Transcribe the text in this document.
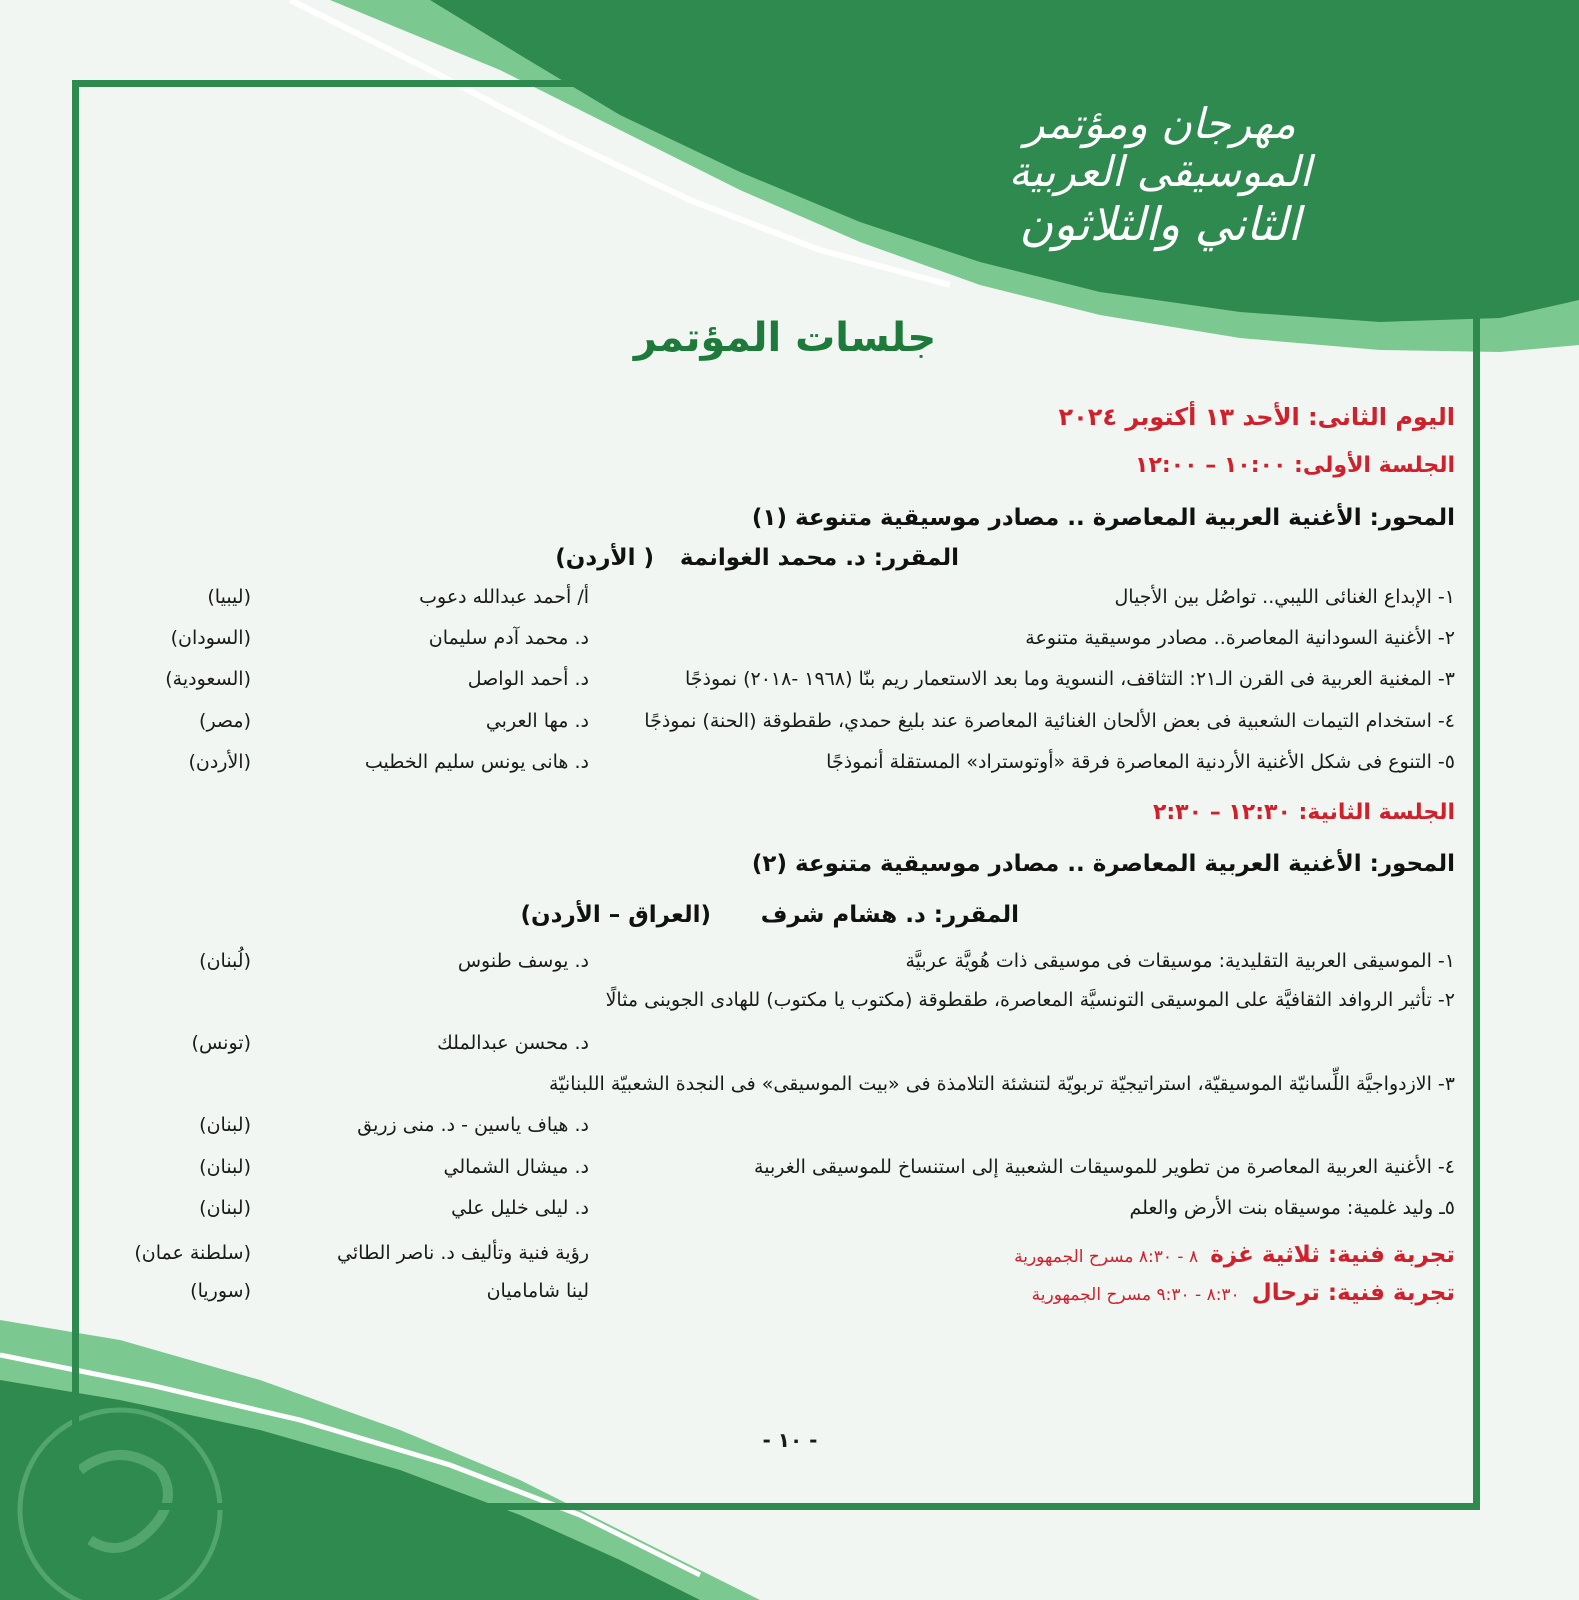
مهرجان ومؤتمر الموسيقى العربية
الثاني والثلاثون
جلسات المؤتمر
اليوم الثانى: الأحد ١٣ أكتوبر ٢٠٢٤
الجلسة الأولى: ١٠:٠٠ – ١٢:٠٠
المحور: الأغنية العربية المعاصرة .. مصادر موسيقية متنوعة (١)
المقرر: د. محمد الغوانمة
( الأردن)
١- الإبداع الغنائى الليبي.. تواصُل بين الأجيال
أ/ أحمد عبدالله دعوب
(ليبيا)
٢- الأغنية السودانية المعاصرة.. مصادر موسيقية متنوعة
د. محمد آدم سليمان
(السودان)
٣- المغنية العربية فى القرن الـ٢١: التثاقف، النسوية وما بعد الاستعمار ريم بنّا (١٩٦٨ -٢٠١٨) نموذجًا
د. أحمد الواصل
(السعودية)
٤- استخدام التيمات الشعبية فى بعض الألحان الغنائية المعاصرة عند بليغ حمدي، طقطوقة (الحنة) نموذجًا
د. مها العربي
(مصر)
٥- التنوع فى شكل الأغنية الأردنية المعاصرة فرقة «أوتوستراد» المستقلة أنموذجًا
د. هانى يونس سليم الخطيب
(الأردن)
الجلسة الثانية: ١٢:٣٠ – ٢:٣٠
المحور: الأغنية العربية المعاصرة .. مصادر موسيقية متنوعة (٢)
المقرر: د. هشام شرف
(العراق – الأردن)
١- الموسيقى العربية التقليدية: موسيقات فى موسيقى ذات هُويَّة عربيَّة
د. يوسف طنوس
(لُبنان)
٢- تأثير الروافد الثقافيَّة على الموسيقى التونسيَّة المعاصرة، طقطوقة (مكتوب يا مكتوب) للهادى الجوينى مثالًا
د. محسن عبدالملك
(تونس)
٣- الازدواجيَّة اللِّسانيّة الموسيقيّة، استراتيجيّة تربويّة لتنشئة التلامذة فى «بيت الموسيقى» فى النجدة الشعبيّة اللبنانيّة
د. هياف ياسين - د. منى زريق
(لبنان)
٤- الأغنية العربية المعاصرة من تطوير للموسيقات الشعبية إلى استنساخ للموسيقى الغربية
د. ميشال الشمالي
(لبنان)
٥ـ وليد غلمية: موسيقاه بنت الأرض والعلم
د. ليلى خليل علي
(لبنان)
تجربة فنية: ثلاثية غزة  ٨ - ٨:٣٠ مسرح الجمهورية
رؤية فنية وتأليف د. ناصر الطائي
(سلطنة عمان)
تجربة فنية: ترحال  ٨:٣٠ - ٩:٣٠ مسرح الجمهورية
لينا شاماميان
(سوريا)
- ١٠ -
